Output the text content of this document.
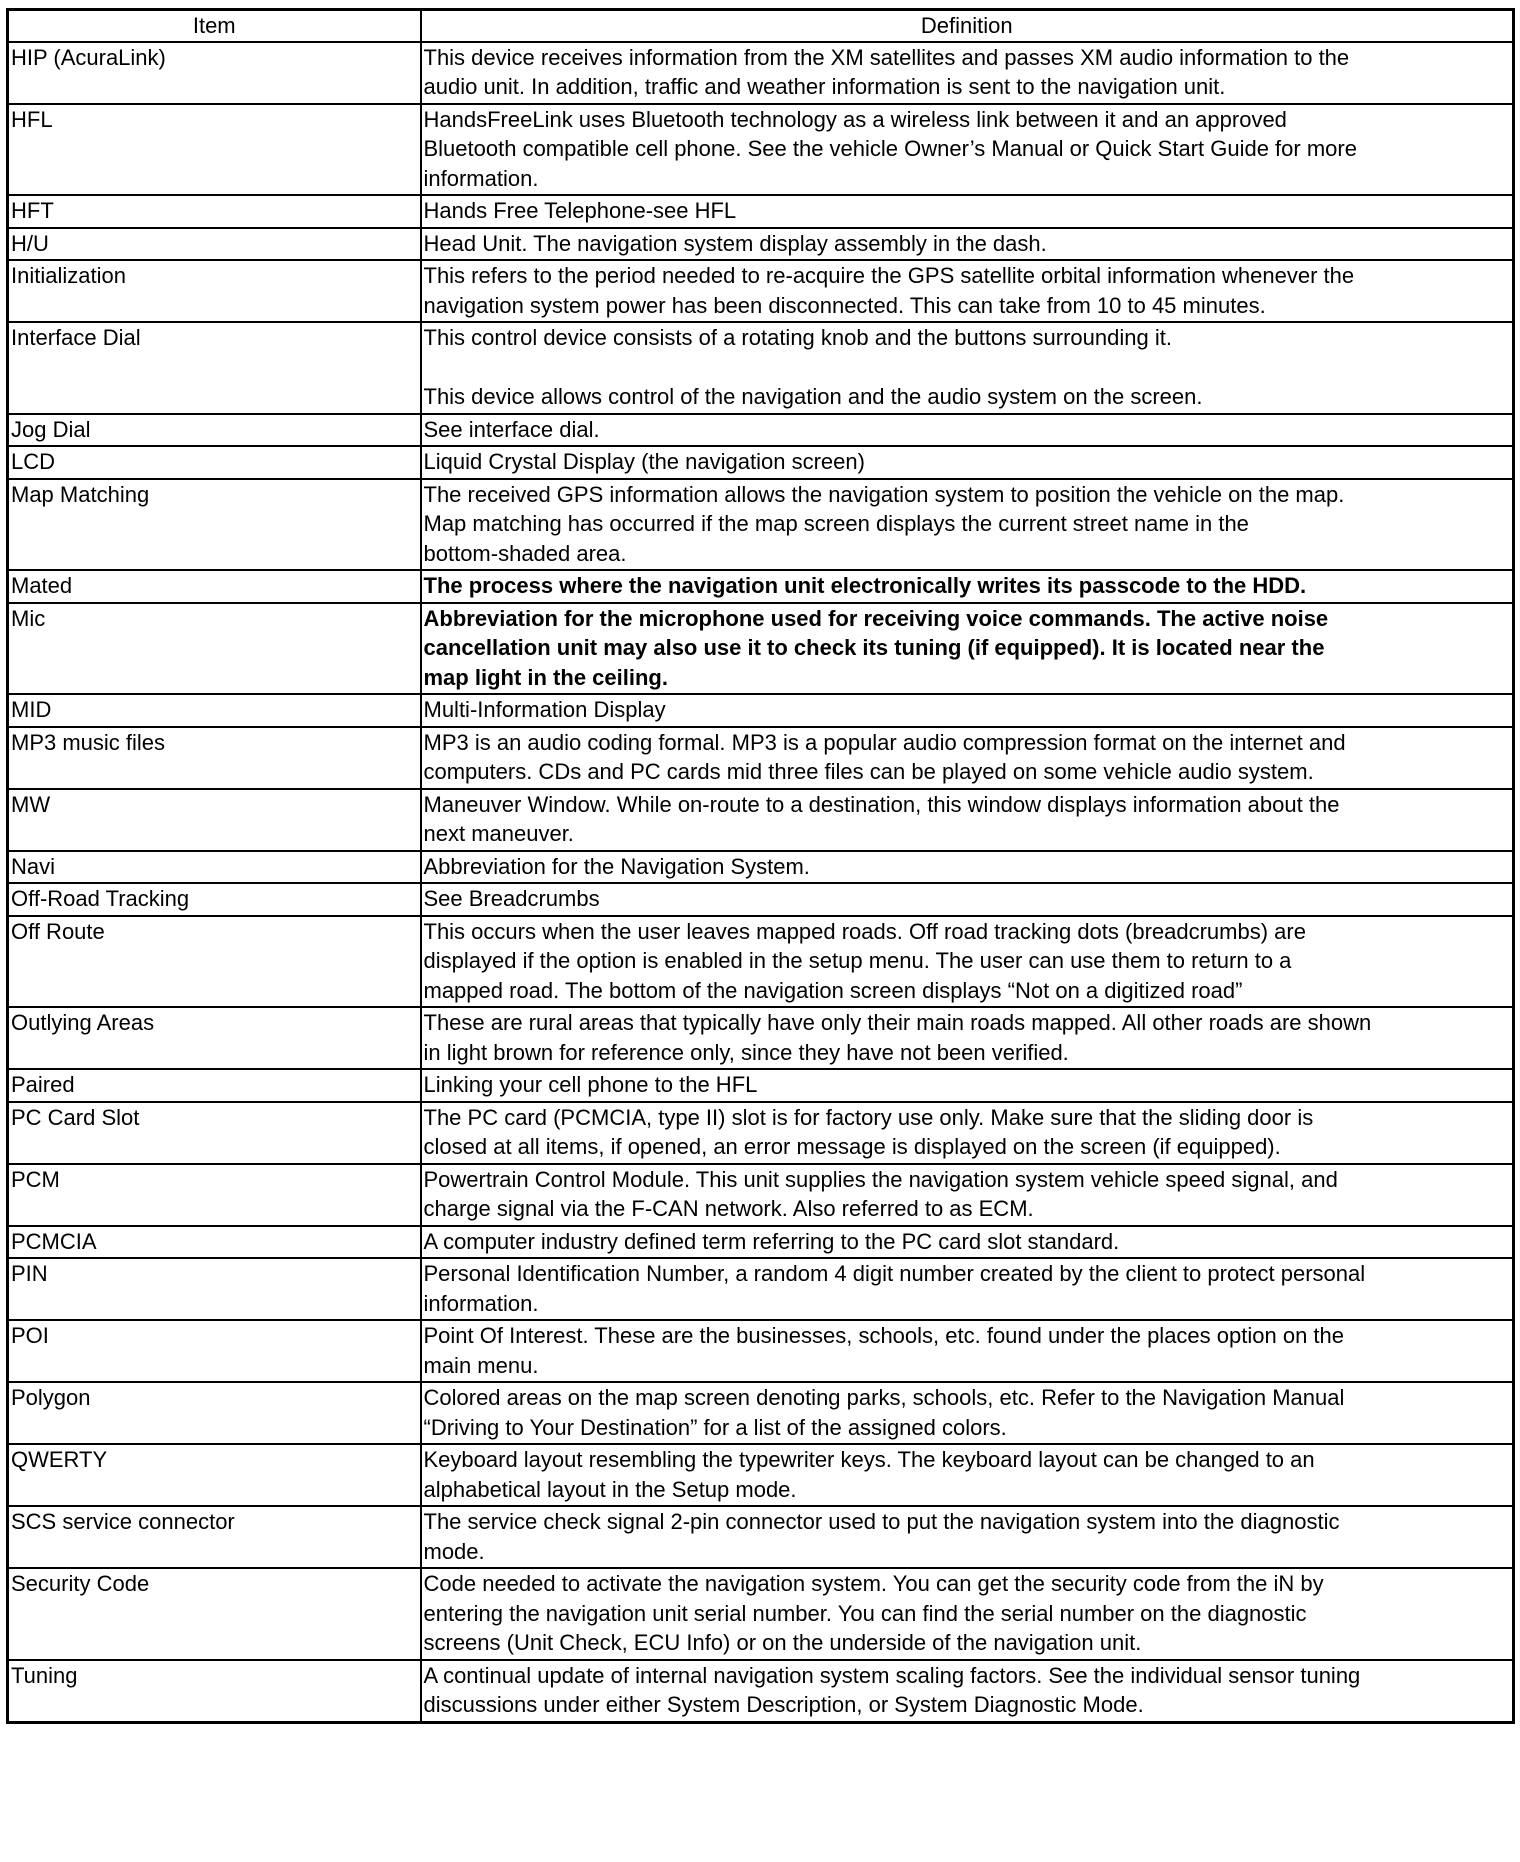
Item	Definition
HIP (AcuraLink)	This device receives information from the XM satellites and passes XM audio information to the
audio unit. In addition, traffic and weather information is sent to the navigation unit.
HFL	HandsFreeLink uses Bluetooth technology as a wireless link between it and an approved
Bluetooth compatible cell phone. See the vehicle Owner’s Manual or Quick Start Guide for more
information.
HFT	Hands Free Telephone-see HFL
H/U	Head Unit. The navigation system display assembly in the dash.
Initialization	This refers to the period needed to re-acquire the GPS satellite orbital information whenever the
navigation system power has been disconnected. This can take from 10 to 45 minutes.
Interface Dial	This control device consists of a rotating knob and the buttons surrounding it.

This device allows control of the navigation and the audio system on the screen.
Jog Dial	See interface dial.
LCD	Liquid Crystal Display (the navigation screen)
Map Matching	The received GPS information allows the navigation system to position the vehicle on the map.
Map matching has occurred if the map screen displays the current street name in the
bottom-shaded area.
Mated	The process where the navigation unit electronically writes its passcode to the HDD.
Mic	Abbreviation for the microphone used for receiving voice commands. The active noise
cancellation unit may also use it to check its tuning (if equipped). It is located near the
map light in the ceiling.
MID	Multi-Information Display
MP3 music files	MP3 is an audio coding formal. MP3 is a popular audio compression format on the internet and
computers. CDs and PC cards mid three files can be played on some vehicle audio system.
MW	Maneuver Window. While on-route to a destination, this window displays information about the
next maneuver.
Navi	Abbreviation for the Navigation System.
Off-Road Tracking	See Breadcrumbs
Off Route	This occurs when the user leaves mapped roads. Off road tracking dots (breadcrumbs) are
displayed if the option is enabled in the setup menu. The user can use them to return to a
mapped road. The bottom of the navigation screen displays “Not on a digitized road”
Outlying Areas	These are rural areas that typically have only their main roads mapped. All other roads are shown
in light brown for reference only, since they have not been verified.
Paired	Linking your cell phone to the HFL
PC Card Slot	The PC card (PCMCIA, type II) slot is for factory use only. Make sure that the sliding door is
closed at all items, if opened, an error message is displayed on the screen (if equipped).
PCM	Powertrain Control Module. This unit supplies the navigation system vehicle speed signal, and
charge signal via the F-CAN network. Also referred to as ECM.
PCMCIA	A computer industry defined term referring to the PC card slot standard.
PIN	Personal Identification Number, a random 4 digit number created by the client to protect personal
information.
POI	Point Of Interest. These are the businesses, schools, etc. found under the places option on the
main menu.
Polygon	Colored areas on the map screen denoting parks, schools, etc. Refer to the Navigation Manual
“Driving to Your Destination” for a list of the assigned colors.
QWERTY	Keyboard layout resembling the typewriter keys. The keyboard layout can be changed to an
alphabetical layout in the Setup mode.
SCS service connector	The service check signal 2-pin connector used to put the navigation system into the diagnostic
mode.
Security Code	Code needed to activate the navigation system. You can get the security code from the iN by
entering the navigation unit serial number. You can find the serial number on the diagnostic
screens (Unit Check, ECU Info) or on the underside of the navigation unit.
Tuning	A continual update of internal navigation system scaling factors. See the individual sensor tuning
discussions under either System Description, or System Diagnostic Mode.
